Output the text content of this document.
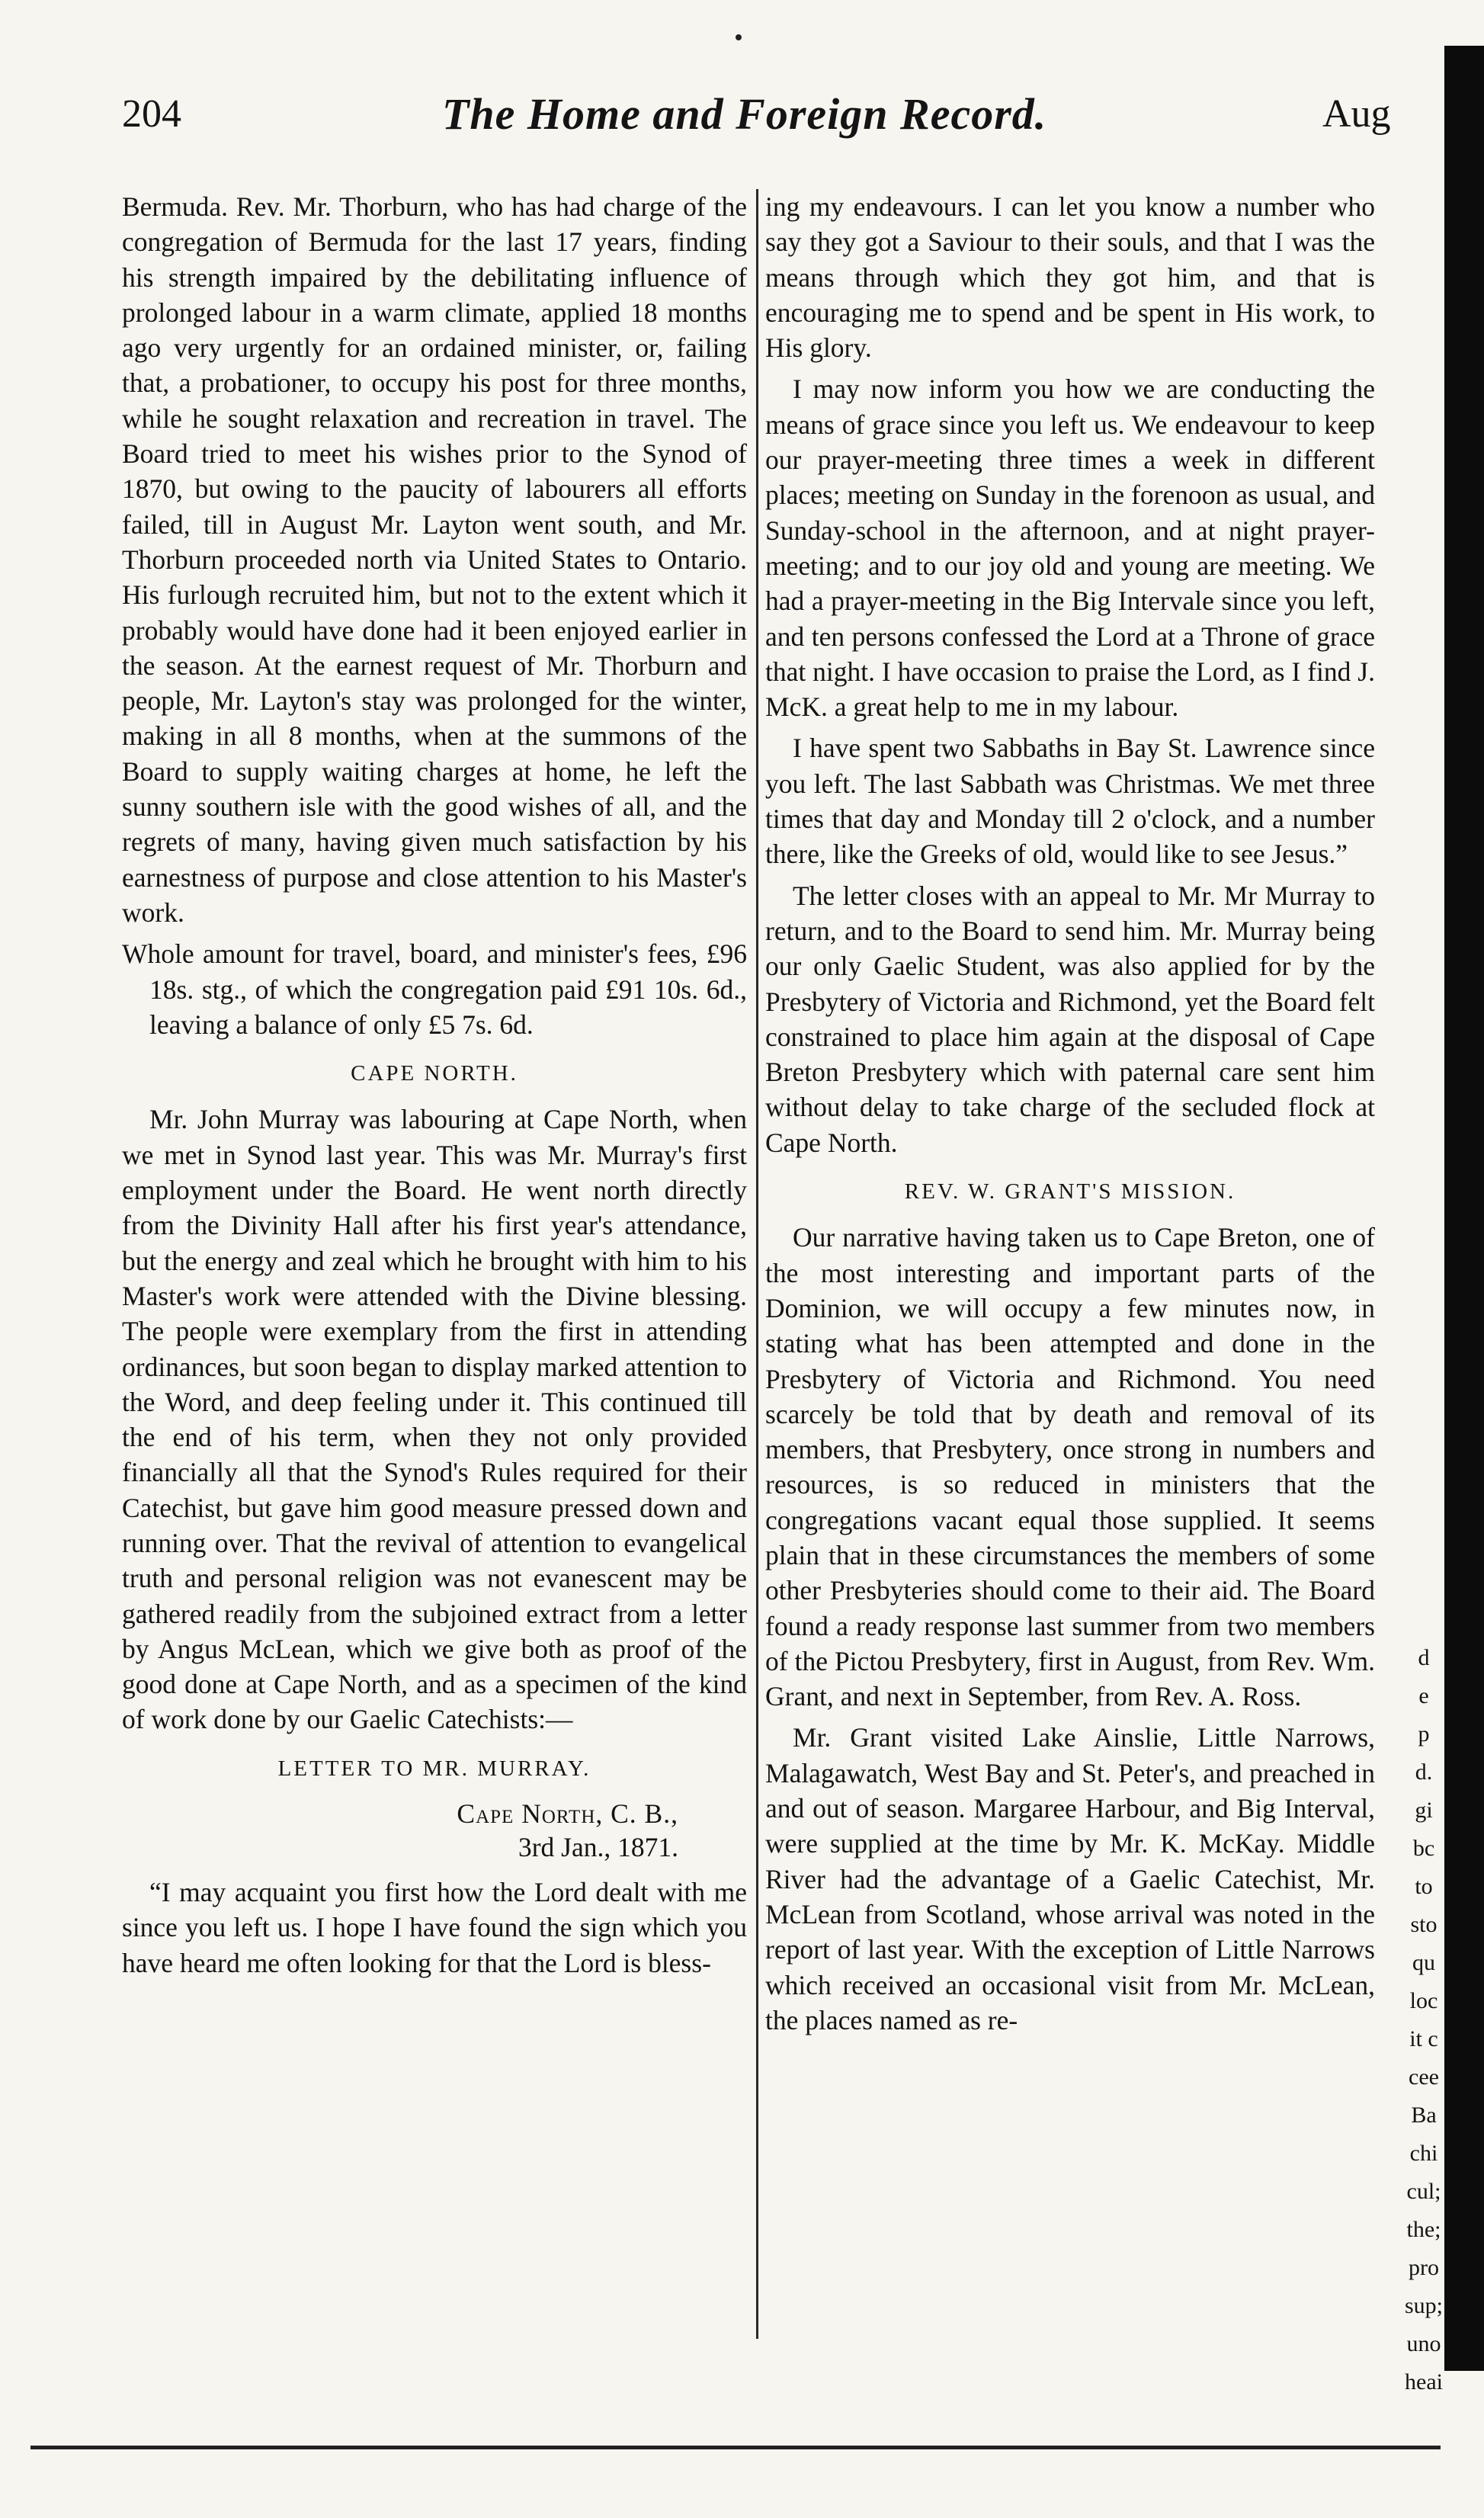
204	The Home and Foreign Record.	Aug

Bermuda. Rev. Mr. Thorburn, who has had charge of the congregation of Bermuda for the last 17 years, finding his strength impaired by the debilitating influence of prolonged labour in a warm climate, applied 18 months ago very urgently for an ordained minister, or, failing that, a probationer, to occupy his post for three months, while he sought relaxation and recreation in travel. The Board tried to meet his wishes prior to the Synod of 1870, but owing to the paucity of labourers all efforts failed, till in August Mr. Layton went south, and Mr. Thorburn proceeded north via United States to Ontario. His furlough recruited him, but not to the extent which it probably would have done had it been enjoyed earlier in the season. At the earnest request of Mr. Thorburn and people, Mr. Layton's stay was prolonged for the winter, making in all 8 months, when at the summons of the Board to supply waiting charges at home, he left the sunny southern isle with the good wishes of all, and the regrets of many, having given much satisfaction by his earnestness of purpose and close attention to his Master's work.

Whole amount for travel, board, and minister's fees, £96 18s. stg., of which the congregation paid £91 10s. 6d., leaving a balance of only £5 7s. 6d.

CAPE NORTH.

Mr. John Murray was labouring at Cape North, when we met in Synod last year. This was Mr. Murray's first employment under the Board. He went north directly from the Divinity Hall after his first year's attendance, but the energy and zeal which he brought with him to his Master's work were attended with the Divine blessing. The people were exemplary from the first in attending ordinances, but soon began to display marked attention to the Word, and deep feeling under it. This continued till the end of his term, when they not only provided financially all that the Synod's Rules required for their Catechist, but gave him good measure pressed down and running over. That the revival of attention to evangelical truth and personal religion was not evanescent may be gathered readily from the subjoined extract from a letter by Angus McLean, which we give both as proof of the good done at Cape North, and as a specimen of the kind of work done by our Gaelic Catechists:—

LETTER TO MR. MURRAY.
Cape North, C. B.,
3rd Jan., 1871.

“I may acquaint you first how the Lord dealt with me since you left us. I hope I have found the sign which you have heard me often looking for that the Lord is bless-

ing my endeavours. I can let you know a number who say they got a Saviour to their souls, and that I was the means through which they got him, and that is encouraging me to spend and be spent in His work, to His glory.

I may now inform you how we are conducting the means of grace since you left us. We endeavour to keep our prayer-meeting three times a week in different places; meeting on Sunday in the forenoon as usual, and Sunday-school in the afternoon, and at night prayer-meeting; and to our joy old and young are meeting. We had a prayer-meeting in the Big Intervale since you left, and ten persons confessed the Lord at a Throne of grace that night. I have occasion to praise the Lord, as I find J. McK. a great help to me in my labour.

I have spent two Sabbaths in Bay St. Lawrence since you left. The last Sabbath was Christmas. We met three times that day and Monday till 2 o'clock, and a number there, like the Greeks of old, would like to see Jesus.”

The letter closes with an appeal to Mr. Mr Murray to return, and to the Board to send him. Mr. Murray being our only Gaelic Student, was also applied for by the Presbytery of Victoria and Richmond, yet the Board felt constrained to place him again at the disposal of Cape Breton Presbytery which with paternal care sent him without delay to take charge of the secluded flock at Cape North.

REV. W. GRANT'S MISSION.

Our narrative having taken us to Cape Breton, one of the most interesting and important parts of the Dominion, we will occupy a few minutes now, in stating what has been attempted and done in the Presbytery of Victoria and Richmond. You need scarcely be told that by death and removal of its members, that Presbytery, once strong in numbers and resources, is so reduced in ministers that the congregations vacant equal those supplied. It seems plain that in these circumstances the members of some other Presbyteries should come to their aid. The Board found a ready response last summer from two members of the Pictou Presbytery, first in August, from Rev. Wm. Grant, and next in September, from Rev. A. Ross.

Mr. Grant visited Lake Ainslie, Little Narrows, Malagawatch, West Bay and St. Peter's, and preached in and out of season. Margaree Harbour, and Big Interval, were supplied at the time by Mr. K. McKay. Middle River had the advantage of a Gaelic Catechist, Mr. McLean from Scotland, whose arrival was noted in the report of last year. With the exception of Little Narrows which received an occasional visit from Mr. McLean, the places named as re-

d
e
p
d.
gi
bc
to
sto
qu
loc
it c
cee
Ba
chi
cul;
the;
pro
sup;
uno
heai
